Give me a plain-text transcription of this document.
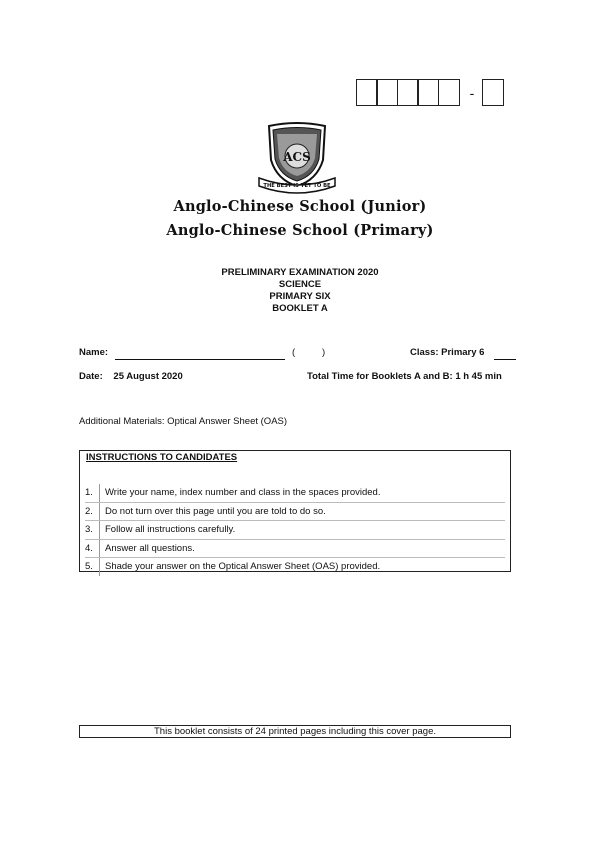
-
ACS
THE BEST IS YET TO BE
Anglo-Chinese School (Junior)
Anglo-Chinese School (Primary)
PRELIMINARY EXAMINATION 2020
SCIENCE
PRIMARY SIX
BOOKLET A
Name:	(	)	Class: Primary 6
Date: 25 August 2020	Total Time for Booklets A and B: 1 h 45 min
Additional Materials: Optical Answer Sheet (OAS)
INSTRUCTIONS TO CANDIDATES
1.	Write your name, index number and class in the spaces provided.
2.	Do not turn over this page until you are told to do so.
3.	Follow all instructions carefully.
4.	Answer all questions.
5.	Shade your answer on the Optical Answer Sheet (OAS) provided.
This booklet consists of 24 printed pages including this cover page.
